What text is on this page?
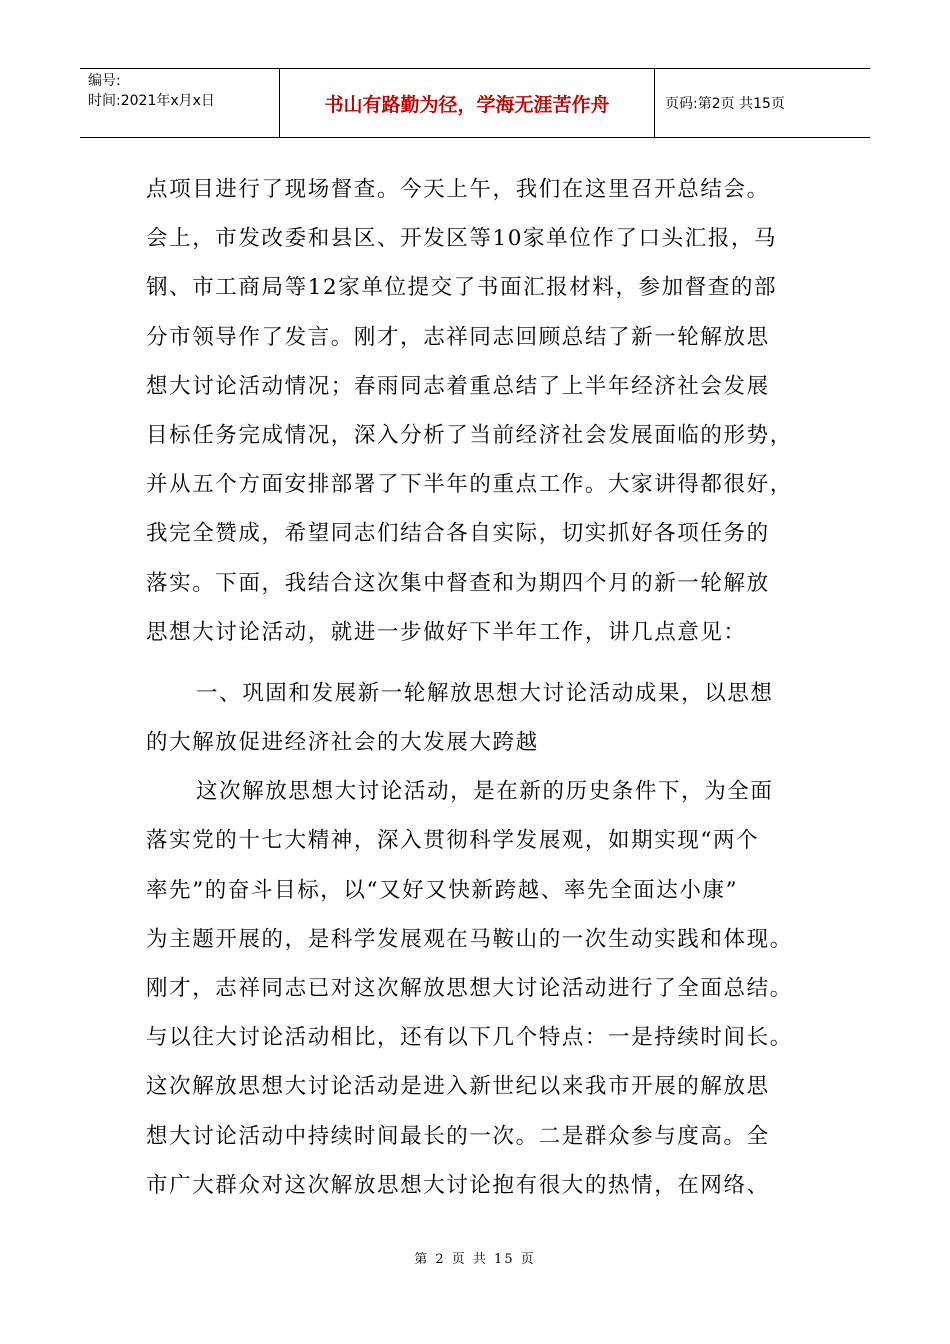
编号:
时间:2021年x月x日	书山有路勤为径，学海无涯苦作舟	页码:第2页 共15页
点项目进行了现场督查。今天上午，我们在这里召开总结会。
会上，市发改委和县区、开发区等10家单位作了口头汇报，马
钢、市工商局等12家单位提交了书面汇报材料，参加督查的部
分市领导作了发言。刚才，志祥同志回顾总结了新一轮解放思
想大讨论活动情况；春雨同志着重总结了上半年经济社会发展
目标任务完成情况，深入分析了当前经济社会发展面临的形势，
并从五个方面安排部署了下半年的重点工作。大家讲得都很好，
我完全赞成，希望同志们结合各自实际，切实抓好各项任务的
落实。下面，我结合这次集中督查和为期四个月的新一轮解放
思想大讨论活动，就进一步做好下半年工作，讲几点意见：
一、巩固和发展新一轮解放思想大讨论活动成果，以思想
的大解放促进经济社会的大发展大跨越
这次解放思想大讨论活动，是在新的历史条件下，为全面
落实党的十七大精神，深入贯彻科学发展观，如期实现“两个
率先”的奋斗目标，以“又好又快新跨越、率先全面达小康”
为主题开展的，是科学发展观在马鞍山的一次生动实践和体现。
刚才，志祥同志已对这次解放思想大讨论活动进行了全面总结。
与以往大讨论活动相比，还有以下几个特点：一是持续时间长。
这次解放思想大讨论活动是进入新世纪以来我市开展的解放思
想大讨论活动中持续时间最长的一次。二是群众参与度高。全
市广大群众对这次解放思想大讨论抱有很大的热情，在网络、
第 2 页 共 15 页
